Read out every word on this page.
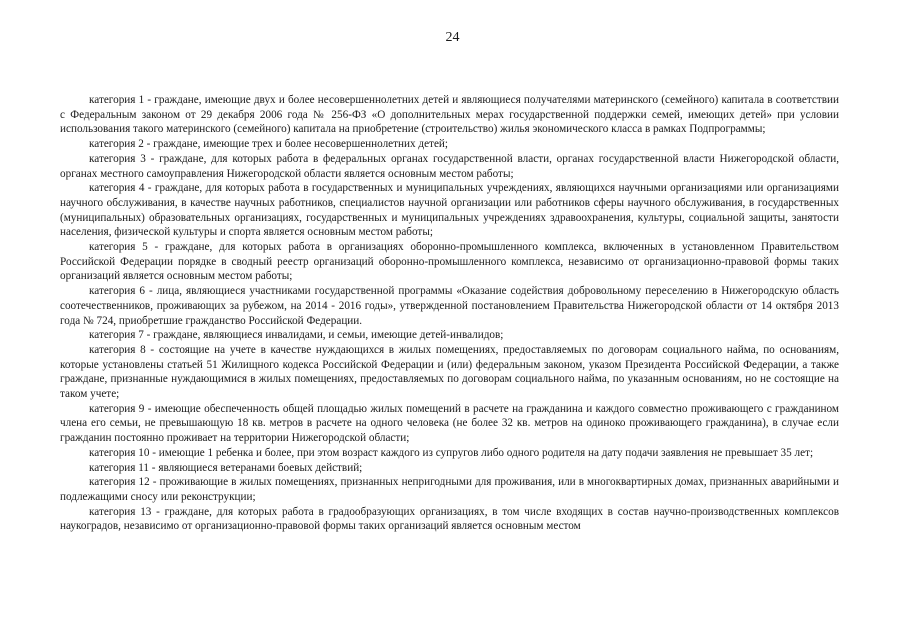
24

категория 1 - граждане, имеющие двух и более несовершеннолетних детей и являющиеся получателями материнского (семейного) капитала в соответствии с Федеральным законом от 29 декабря 2006 года № 256-ФЗ «О дополнительных мерах государственной поддержки семей, имеющих детей» при условии использования такого материнского (семейного) капитала на приобретение (строительство) жилья экономического класса в рамках Подпрограммы;

категория 2 - граждане, имеющие трех и более несовершеннолетних детей;

категория 3 - граждане, для которых работа в федеральных органах государственной власти, органах государственной власти Нижегородской области, органах местного самоуправления Нижегородской области является основным местом работы;

категория 4 - граждане, для которых работа в государственных и муниципальных учреждениях, являющихся научными организациями или организациями научного обслуживания, в качестве научных работников, специалистов научной организации или работников сферы научного обслуживания, в государственных (муниципальных) образовательных организациях, государственных и муниципальных учреждениях здравоохранения, культуры, социальной защиты, занятости населения, физической культуры и спорта является основным местом работы;

категория 5 - граждане, для которых работа в организациях оборонно-промышленного комплекса, включенных в установленном Правительством Российской Федерации порядке в сводный реестр организаций оборонно-промышленного комплекса, независимо от организационно-правовой формы таких организаций является основным местом работы;

категория 6 - лица, являющиеся участниками государственной программы «Оказание содействия добровольному переселению в Нижегородскую область соотечественников, проживающих за рубежом, на 2014 - 2016 годы», утвержденной постановлением Правительства Нижегородской области от 14 октября 2013 года № 724, приобретшие гражданство Российской Федерации.

категория 7 - граждане, являющиеся инвалидами, и семьи, имеющие детей-инвалидов;

категория 8 - состоящие на учете в качестве нуждающихся в жилых помещениях, предоставляемых по договорам социального найма, по основаниям, которые установлены статьей 51 Жилищного кодекса Российской Федерации и (или) федеральным законом, указом Президента Российской Федерации, а также граждане, признанные нуждающимися в жилых помещениях, предоставляемых по договорам социального найма, по указанным основаниям, но не состоящие на таком учете;

категория 9 - имеющие обеспеченность общей площадью жилых помещений в расчете на гражданина и каждого совместно проживающего с гражданином члена его семьи, не превышающую 18 кв. метров в расчете на одного человека (не более 32 кв. метров на одиноко проживающего гражданина), в случае если гражданин постоянно проживает на территории Нижегородской области;

категория 10 - имеющие 1 ребенка и более, при этом возраст каждого из супругов либо одного родителя на дату подачи заявления не превышает 35 лет;

категория 11 - являющиеся ветеранами боевых действий;

категория 12 - проживающие в жилых помещениях, признанных непригодными для проживания, или в многоквартирных домах, признанных аварийными и подлежащими сносу или реконструкции;

категория 13 - граждане, для которых работа в градообразующих организациях, в том числе входящих в состав научно-производственных комплексов наукоградов, независимо от организационно-правовой формы таких организаций является основным местом
